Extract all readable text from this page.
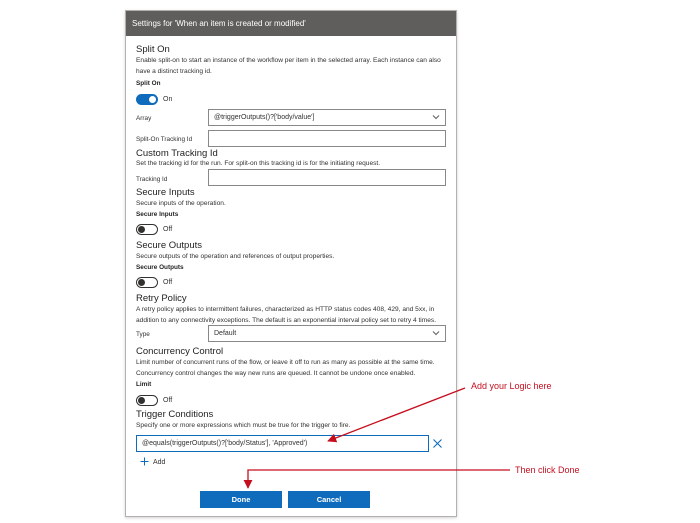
Settings for 'When an item is created or modified'
Split On
Enable split-on to start an instance of the workflow per item in the selected array. Each instance can also have a distinct tracking id.
Split On
On
Array	@triggerOutputs()?['body/value']
Split-On Tracking Id
Custom Tracking Id
Set the tracking id for the run. For split-on this tracking id is for the initiating request.
Tracking Id
Secure Inputs
Secure inputs of the operation.
Secure Inputs
Off
Secure Outputs
Secure outputs of the operation and references of output properties.
Secure Outputs
Off
Retry Policy
A retry policy applies to intermittent failures, characterized as HTTP status codes 408, 429, and 5xx, in addition to any connectivity exceptions. The default is an exponential interval policy set to retry 4 times.
Type	Default
Concurrency Control
Limit number of concurrent runs of the flow, or leave it off to run as many as possible at the same time. Concurrency control changes the way new runs are queued. It cannot be undone once enabled.
Limit
Off
Trigger Conditions
Specify one or more expressions which must be true for the trigger to fire.
@equals(triggerOutputs()?['body/Status'], 'Approved')
Add
Done	Cancel
Add your Logic here
Then click Done
